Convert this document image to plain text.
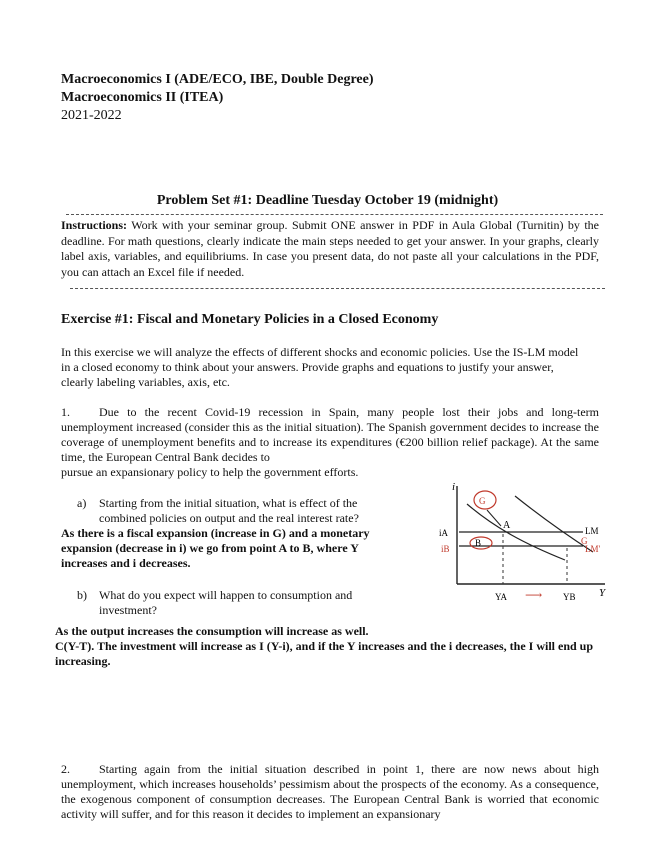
Macroeconomics I (ADE/ECO, IBE, Double Degree)
Macroeconomics II (ITEA)
2021-2022
Problem Set #1: Deadline Tuesday October 19 (midnight)
Instructions: Work with your seminar group. Submit ONE answer in PDF in Aula Global (Turnitin) by the deadline. For math questions, clearly indicate the main steps needed to get your answer. In your graphs, clearly label axis, variables, and equilibriums. In case you present data, do not paste all your calculations in the PDF, you can attach an Excel file if needed.
Exercise #1: Fiscal and Monetary Policies in a Closed Economy
In this exercise we will analyze the effects of different shocks and economic policies. Use the IS-LM model in a closed economy to think about your answers. Provide graphs and equations to justify your answer, clearly labeling variables, axis, etc.
1. Due to the recent Covid-19 recession in Spain, many people lost their jobs and long-term unemployment increased (consider this as the initial situation). The Spanish government decides to increase the coverage of unemployment benefits and to increase its expenditures (€200 billion relief package). At the same time, the European Central Bank decides to
pursue an expansionary policy to help the government efforts.
a) Starting from the initial situation, what is effect of the
combined policies on output and the real interest rate?
As there is a fiscal expansion (increase in G) and a monetary expansion (decrease in i) we go from point A to B, where Y increases and i decreases.
b) What do you expect will happen to consumption and
investment?
As the output increases the consumption will increase as well.
C(Y-T). The investment will increase as I (Y-i), and if the Y increases and the i decreases, the I will end up increasing.
i
Y
G
A
B
iA
iB
YA	YB
⟶
LM
G
LM'
2. Starting again from the initial situation described in point 1, there are now news about high unemployment, which increases households’ pessimism about the prospects of the economy. As a consequence, the exogenous component of consumption decreases. The European Central Bank is worried that economic activity will suffer, and for this reason it decides to implement an expansionary
